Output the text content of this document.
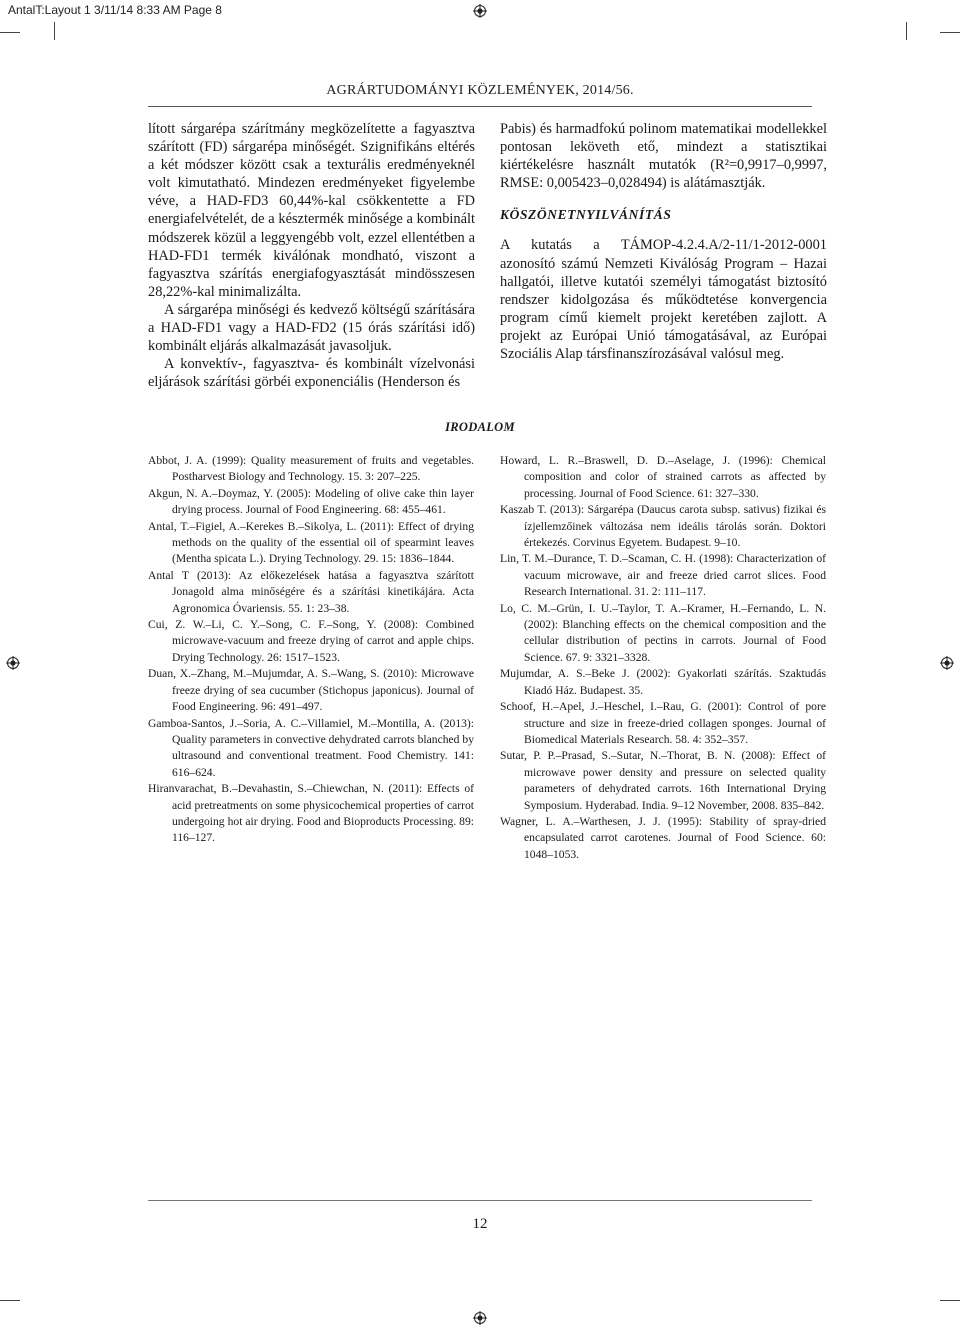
AntalT:Layout 1 3/11/14 8:33 AM Page 8
AGRÁRTUDOMÁNYI KÖZLEMÉNYEK, 2014/56.

lított sárgarépa szárítmány megközelítette a fagyasztva szárított (FD) sárgarépa minőségét. Szignifikáns eltérés a két módszer között csak a texturális eredményeknél volt kimutatható. Mindezen eredményeket figyelembe véve, a HAD-FD3 60,44%-kal csökkentette a FD energiafelvételét, de a késztermék minősége a kombinált módszerek közül a leggyengébb volt, ezzel ellentétben a HAD-FD1 termék kiválónak mondható, viszont a fagyasztva szárítás energiafogyasztását mindösszesen 28,22%-kal minimalizálta.

A sárgarépa minőségi és kedvező költségű szárítására a HAD-FD1 vagy a HAD-FD2 (15 órás szárítási idő) kombinált eljárás alkalmazását javasoljuk.

A konvektív-, fagyasztva- és kombinált vízelvonási eljárások szárítási görbéi exponenciális (Henderson és

Pabis) és harmadfokú polinom matematikai modellekkel pontosan leköveth ető, mindezt a statisztikai kiértékelésre használt mutatók (R²=0,9917–0,9997, RMSE: 0,005423–0,028494) is alátámasztják.

KÖSZÖNETNYILVÁNÍTÁS

A kutatás a TÁMOP-4.2.4.A/2-11/1-2012-0001 azonosító számú Nemzeti Kiválóság Program – Hazai hallgatói, illetve kutatói személyi támogatást biztosító rendszer kidolgozása és működtetése konvergencia program című kiemelt projekt keretében zajlott. A projekt az Európai Unió támogatásával, az Európai Szociális Alap társfinanszírozásával valósul meg.

IRODALOM

Abbot, J. A. (1999): Quality measurement of fruits and vegetables. Postharvest Biology and Technology. 15. 3: 207–225.

Akgun, N. A.–Doymaz, Y. (2005): Modeling of olive cake thin layer drying process. Journal of Food Engineering. 68: 455–461.

Antal, T.–Figiel, A.–Kerekes B.–Sikolya, L. (2011): Effect of drying methods on the quality of the essential oil of spearmint leaves (Mentha spicata L.). Drying Technology. 29. 15: 1836–1844.

Antal T (2013): Az előkezelések hatása a fagyasztva szárított Jonagold alma minőségére és a szárítási kinetikájára. Acta Agronomica Óvariensis. 55. 1: 23–38.

Cui, Z. W.–Li, C. Y.–Song, C. F.–Song, Y. (2008): Combined microwave-vacuum and freeze drying of carrot and apple chips. Drying Technology. 26: 1517–1523.

Duan, X.–Zhang, M.–Mujumdar, A. S.–Wang, S. (2010): Microwave freeze drying of sea cucumber (Stichopus japonicus). Journal of Food Engineering. 96: 491–497.

Gamboa-Santos, J.–Soria, A. C.–Villamiel, M.–Montilla, A. (2013): Quality parameters in convective dehydrated carrots blanched by ultrasound and conventional treatment. Food Chemistry. 141: 616–624.

Hiranvarachat, B.–Devahastin, S.–Chiewchan, N. (2011): Effects of acid pretreatments on some physicochemical properties of carrot undergoing hot air drying. Food and Bioproducts Processing. 89: 116–127.

Howard, L. R.–Braswell, D. D.–Aselage, J. (1996): Chemical composition and color of strained carrots as affected by processing. Journal of Food Science. 61: 327–330.

Kaszab T. (2013): Sárgarépa (Daucus carota subsp. sativus) fizikai és ízjellemzőinek változása nem ideális tárolás során. Doktori értekezés. Corvinus Egyetem. Budapest. 9–10.

Lin, T. M.–Durance, T. D.–Scaman, C. H. (1998): Characterization of vacuum microwave, air and freeze dried carrot slices. Food Research International. 31. 2: 111–117.

Lo, C. M.–Grün, I. U.–Taylor, T. A.–Kramer, H.–Fernando, L. N. (2002): Blanching effects on the chemical composition and the cellular distribution of pectins in carrots. Journal of Food Science. 67. 9: 3321–3328.

Mujumdar, A. S.–Beke J. (2002): Gyakorlati szárítás. Szaktudás Kiadó Ház. Budapest. 35.

Schoof, H.–Apel, J.–Heschel, I.–Rau, G. (2001): Control of pore structure and size in freeze-dried collagen sponges. Journal of Biomedical Materials Research. 58. 4: 352–357.

Sutar, P. P.–Prasad, S.–Sutar, N.–Thorat, B. N. (2008): Effect of microwave power density and pressure on selected quality parameters of dehydrated carrots. 16th International Drying Symposium. Hyderabad. India. 9–12 November, 2008. 835–842.

Wagner, L. A.–Warthesen, J. J. (1995): Stability of spray-dried encapsulated carrot carotenes. Journal of Food Science. 60: 1048–1053.

12
